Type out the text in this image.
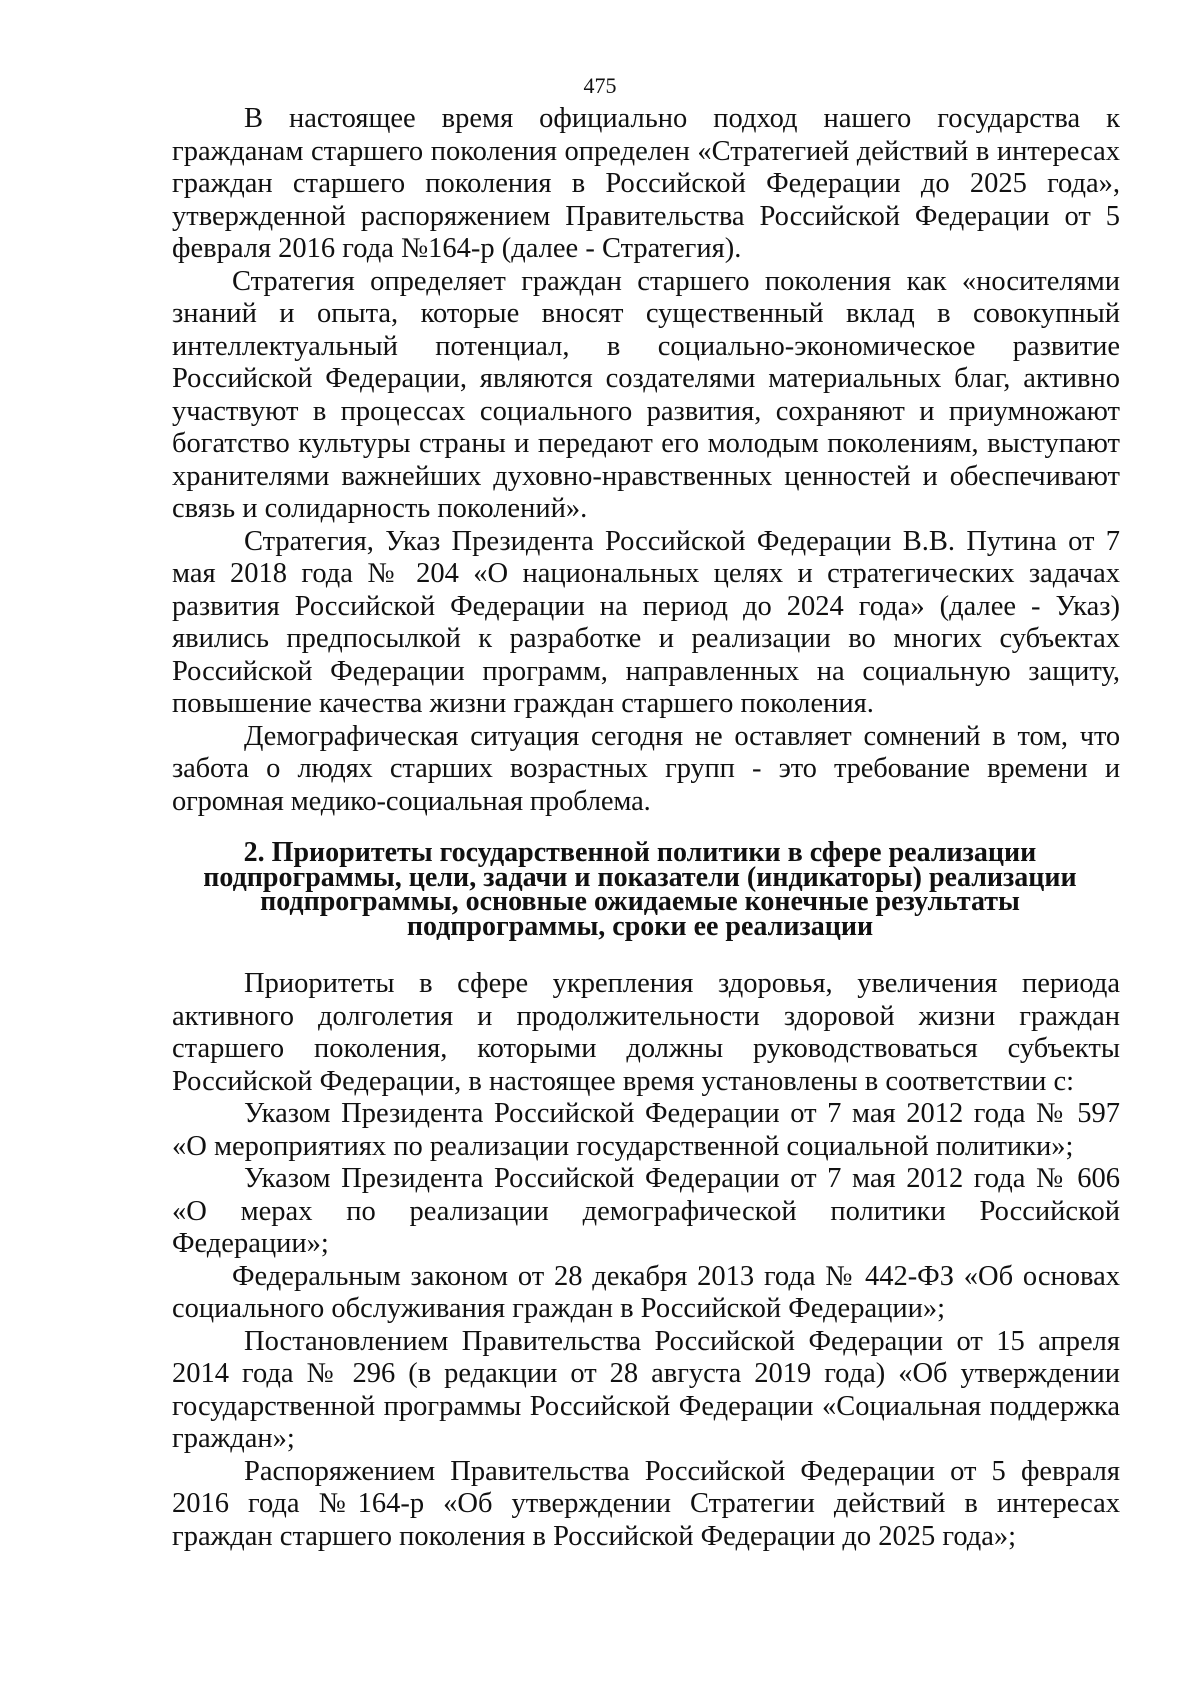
475

В настоящее время официально подход нашего государства к гражданам старшего поколения определен «Стратегией действий в интересах граждан старшего поколения в Российской Федерации до 2025 года», утвержденной распоряжением Правительства Российской Федерации от 5 февраля 2016 года №164-р (далее - Стратегия).

Стратегия определяет граждан старшего поколения как «носителями знаний и опыта, которые вносят существенный вклад в совокупный интеллектуальный потенциал, в социально-экономическое развитие Российской Федерации, являются создателями материальных благ, активно участвуют в процессах социального развития, сохраняют и приумножают богатство культуры страны и передают его молодым поколениям, выступают хранителями важнейших духовно-нравственных ценностей и обеспечивают связь и солидарность поколений».

Стратегия, Указ Президента Российской Федерации В.В. Путина от 7 мая 2018 года № 204 «О национальных целях и стратегических задачах развития Российской Федерации на период до 2024 года» (далее - Указ) явились предпосылкой к разработке и реализации во многих субъектах Российской Федерации программ, направленных на социальную защиту, повышение качества жизни граждан старшего поколения.

Демографическая ситуация сегодня не оставляет сомнений в том, что забота о людях старших возрастных групп - это требование времени и огромная медико-социальная проблема.

2. Приоритеты государственной политики в сфере реализации подпрограммы, цели, задачи и показатели (индикаторы) реализации подпрограммы, основные ожидаемые конечные результаты подпрограммы, сроки ее реализации

Приоритеты в сфере укрепления здоровья, увеличения периода активного долголетия и продолжительности здоровой жизни граждан старшего поколения, которыми должны руководствоваться субъекты Российской Федерации, в настоящее время установлены в соответствии с:

Указом Президента Российской Федерации от 7 мая 2012 года № 597 «О мероприятиях по реализации государственной социальной политики»;

Указом Президента Российской Федерации от 7 мая 2012 года № 606 «О мерах по реализации демографической политики Российской Федерации»;

Федеральным законом от 28 декабря 2013 года № 442-ФЗ «Об основах социального обслуживания граждан в Российской Федерации»;

Постановлением Правительства Российской Федерации от 15 апреля 2014 года № 296 (в редакции от 28 августа 2019 года) «Об утверждении государственной программы Российской Федерации «Социальная поддержка граждан»;

Распоряжением Правительства Российской Федерации от 5 февраля 2016 года №164-р «Об утверждении Стратегии действий в интересах граждан старшего поколения в Российской Федерации до 2025 года»;
